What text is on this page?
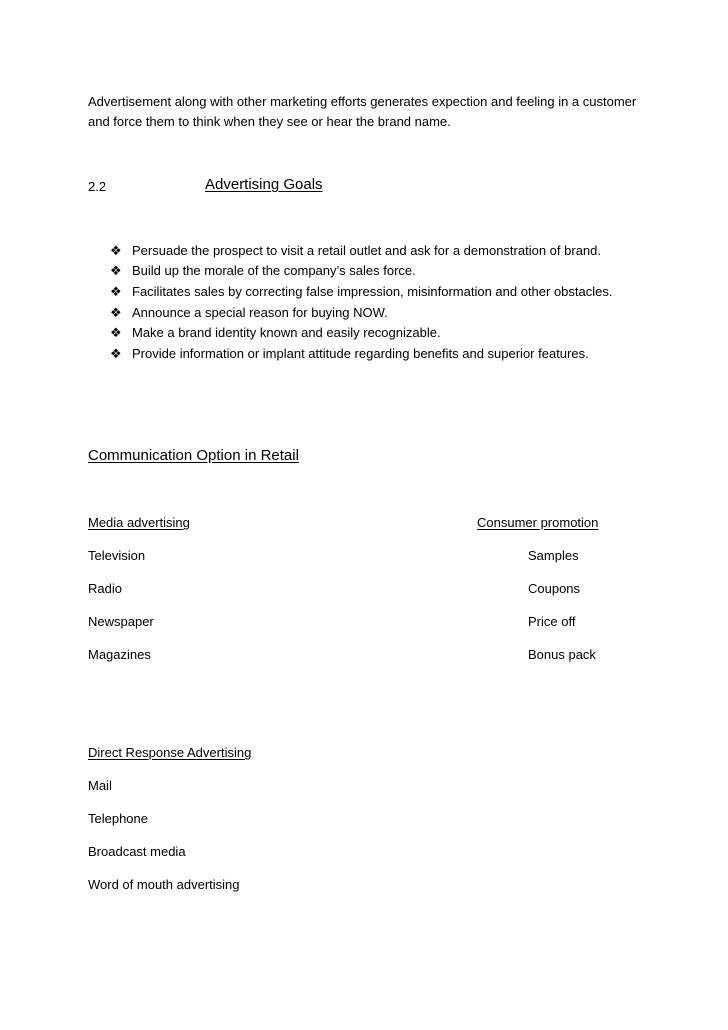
Advertisement along with other marketing efforts generates expection and feeling in a customer and force them to think when they see or hear the brand name.
2.2	Advertising Goals
❖ Persuade the prospect to visit a retail outlet and ask for a demonstration of brand.
❖ Build up the morale of the company’s sales force.
❖ Facilitates sales by correcting false impression, misinformation and other obstacles.
❖ Announce a special reason for buying NOW.
❖ Make a brand identity known and easily recognizable.
❖ Provide information or implant attitude regarding benefits and superior features.
Communication Option in Retail
Media advertising	Consumer promotion
Television
Radio
Newspaper
Magazines
Samples
Coupons
Price off
Bonus pack
Direct Response Advertising
Mail
Telephone
Broadcast media
Word of mouth advertising
